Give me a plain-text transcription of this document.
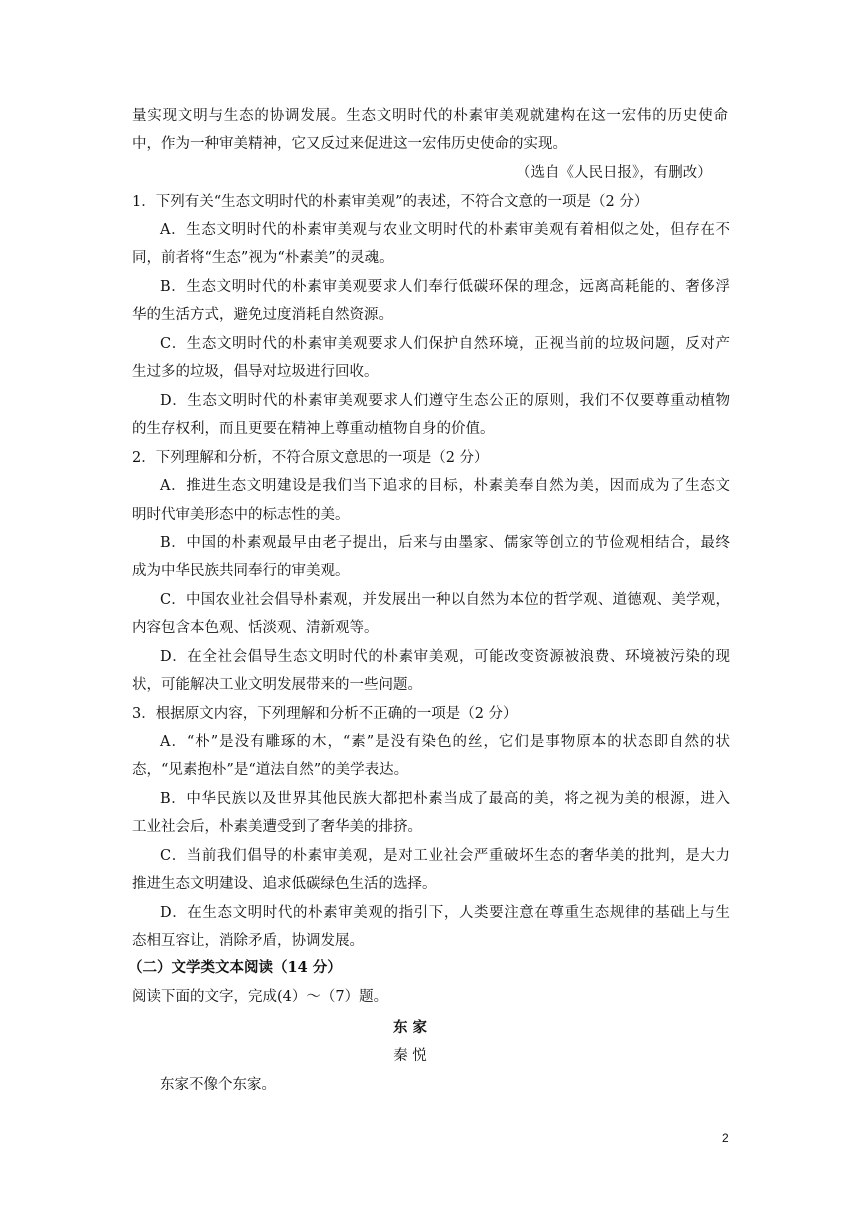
量实现文明与生态的协调发展。生态文明时代的朴素审美观就建构在这一宏伟的历史使命
中，作为一种审美精神，它又反过来促进这一宏伟历史使命的实现。
（选自《人民日报》，有删改）
1．下列有关“生态文明时代的朴素审美观”的表述，不符合文意的一项是（2 分）
A．生态文明时代的朴素审美观与农业文明时代的朴素审美观有着相似之处，但存在不
同，前者将“生态”视为“朴素美”的灵魂。
B．生态文明时代的朴素审美观要求人们奉行低碳环保的理念，远离高耗能的、奢侈浮
华的生活方式，避免过度消耗自然资源。
C．生态文明时代的朴素审美观要求人们保护自然环境，正视当前的垃圾问题，反对产
生过多的垃圾，倡导对垃圾进行回收。
D．生态文明时代的朴素审美观要求人们遵守生态公正的原则，我们不仅要尊重动植物
的生存权利，而且更要在精神上尊重动植物自身的价值。
2．下列理解和分析，不符合原文意思的一项是（2 分）
A．推进生态文明建设是我们当下追求的目标，朴素美奉自然为美，因而成为了生态文
明时代审美形态中的标志性的美。
B．中国的朴素观最早由老子提出，后来与由墨家、儒家等创立的节俭观相结合，最终
成为中华民族共同奉行的审美观。
C．中国农业社会倡导朴素观，并发展出一种以自然为本位的哲学观、道德观、美学观，
内容包含本色观、恬淡观、清新观等。
D．在全社会倡导生态文明时代的朴素审美观，可能改变资源被浪费、环境被污染的现
状，可能解决工业文明发展带来的一些问题。
3．根据原文内容，下列理解和分析不正确的一项是（2 分）
A．“朴”是没有雕琢的木，“素”是没有染色的丝，它们是事物原本的状态即自然的状
态，“见素抱朴”是“道法自然”的美学表达。
B．中华民族以及世界其他民族大都把朴素当成了最高的美，将之视为美的根源，进入
工业社会后，朴素美遭受到了奢华美的排挤。
C．当前我们倡导的朴素审美观，是对工业社会严重破坏生态的奢华美的批判，是大力
推进生态文明建设、追求低碳绿色生活的选择。
D．在生态文明时代的朴素审美观的指引下，人类要注意在尊重生态规律的基础上与生
态相互容让，消除矛盾，协调发展。
（二）文学类文本阅读（14 分）
阅读下面的文字，完成(4）～（7）题。
东 家
秦 悦
东家不像个东家。
2
